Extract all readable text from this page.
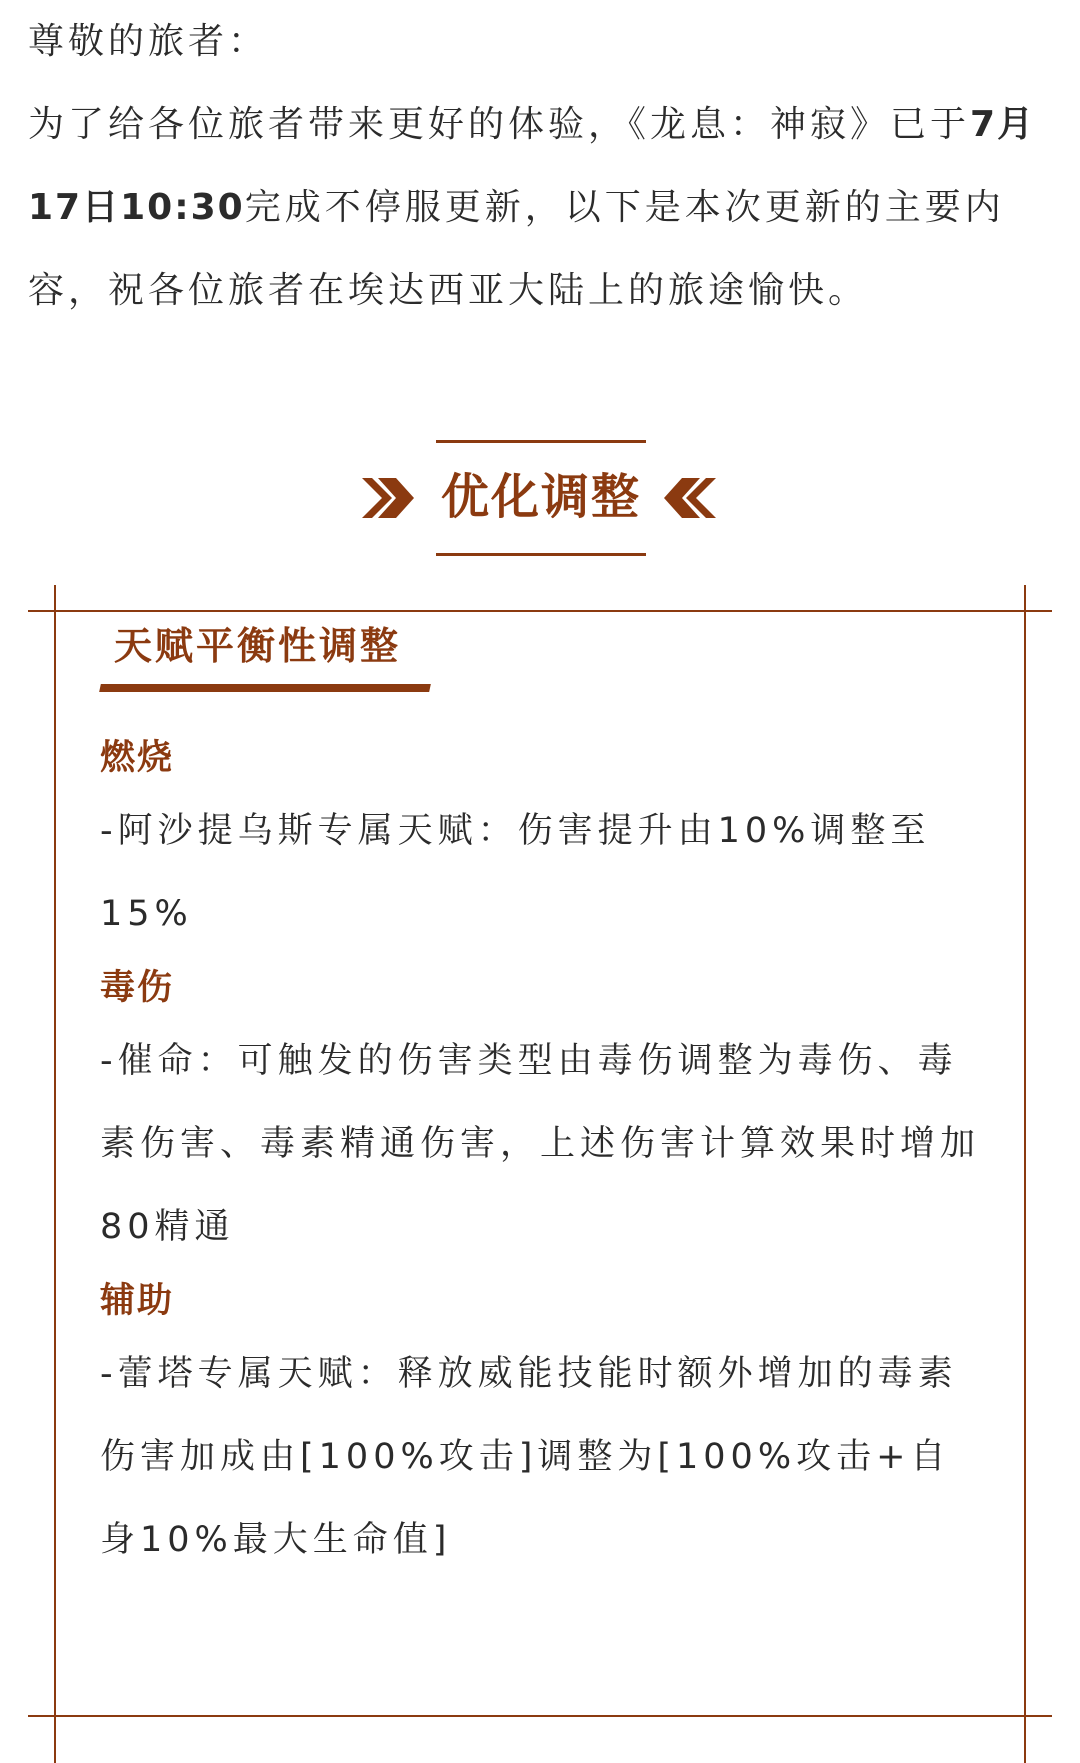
尊敬的旅者：

为了给各位旅者带来更好的体验，《龙息：神寂》已于7月17日10:30完成不停服更新，以下是本次更新的主要内容，祝各位旅者在埃达西亚大陆上的旅途愉快。

优化调整
天赋平衡性调整
燃烧

-阿沙提乌斯专属天赋：伤害提升由10%调整至15%

毒伤

-催命：可触发的伤害类型由毒伤调整为毒伤、毒素伤害、毒素精通伤害，上述伤害计算效果时增加80精通

辅助

-蕾塔专属天赋：释放威能技能时额外增加的毒素伤害加成由[100%攻击]调整为[100%攻击+自身10%最大生命值]
